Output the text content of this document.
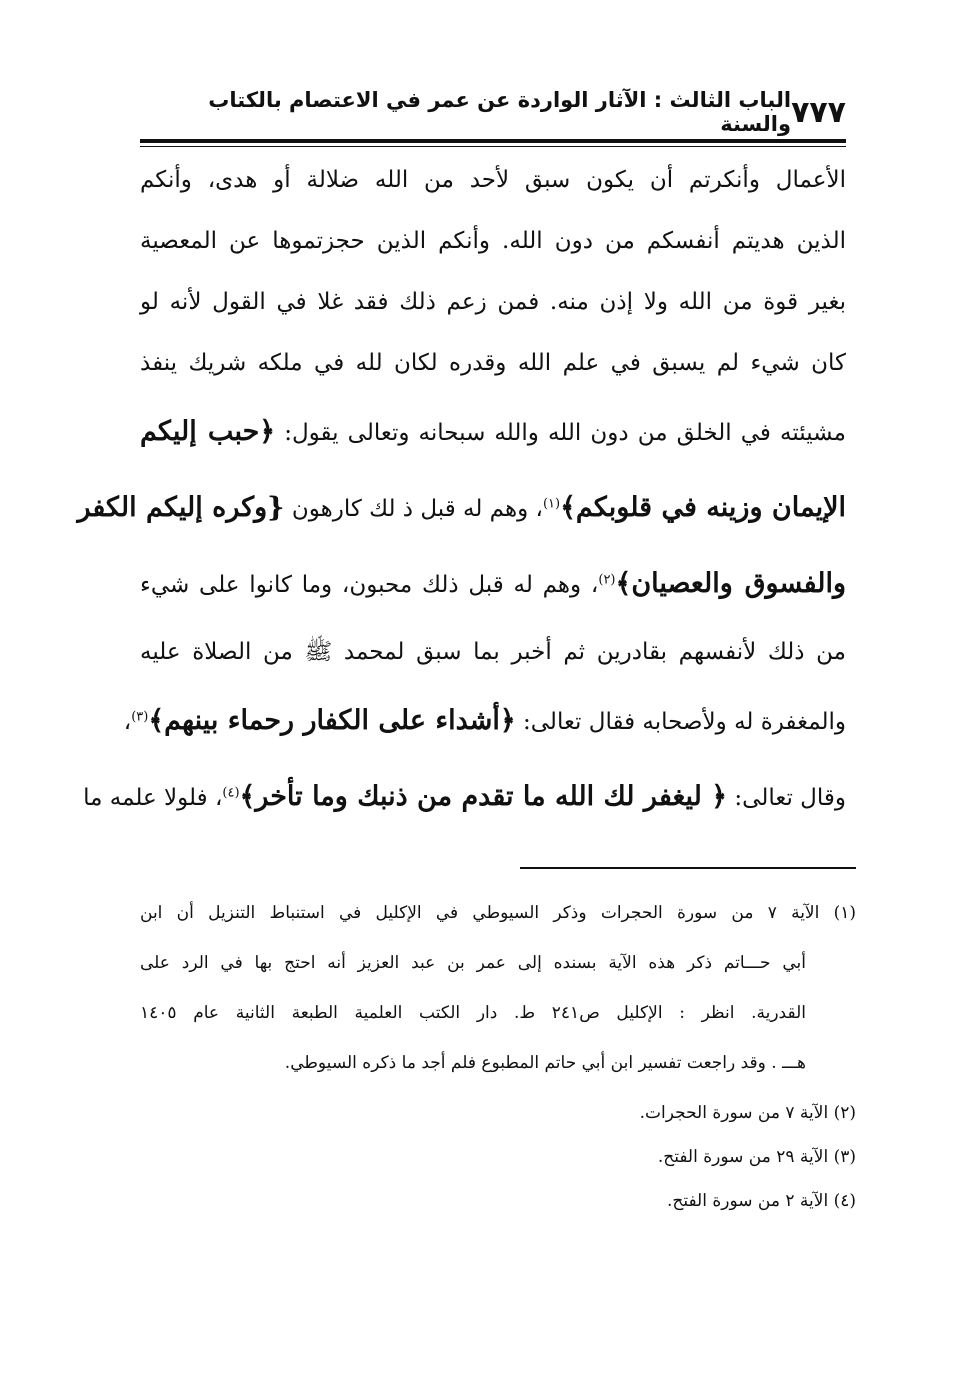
٧٧٧
الباب الثالث : الآثار الواردة عن عمر في الاعتصام بالكتاب والسنة
الأعمال وأنكرتم أن يكون سبق لأحد من الله ضلالة أو هدى، وأنكم
الذين هديتم أنفسكم من دون الله. وأنكم الذين حجزتموها عن المعصية
بغير قوة من الله ولا إذن منه. فمن زعم ذلك فقد غلا في القول لأنه لو
كان شيء لم يسبق في علم الله وقدره لكان لله في ملكه شريك ينفذ
مشيئته في الخلق من دون الله والله سبحانه وتعالى يقول: ﴿حبب إليكم
الإيمان وزينه في قلوبكم﴾$^{(١)}$، وهم له قبل ذ لك كارهون {وكره إليكم الكفر
والفسوق والعصيان﴾$^{(٢)}$، وهم له قبل ذلك محبون، وما كانوا على شيء
من ذلك لأنفسهم بقادرين ثم أخبر بما سبق لمحمد ﷺ من الصلاة عليه
والمغفرة له ولأصحابه فقال تعالى: ﴿أشداء على الكفار رحماء بينهم﴾$^{(٣)}$،
وقال تعالى: ﴿ ليغفر لك الله ما تقدم من ذنبك وما تأخر﴾$^{(٤)}$، فلولا علمه ما
(١) الآية ٧ من سورة الحجرات وذكر السيوطي في الإكليل في استنباط التنزيل أن ابن
أبي حـــاتم ذكر هذه الآية بسنده إلى عمر بن عبد العزيز أنه احتج بها في الرد على
القدرية. انظر : الإكليل ص٢٤١ ط. دار الكتب العلمية الطبعة الثانية عام ١٤٠٥
هـــ . وقد راجعت تفسير ابن أبي حاتم المطبوع فلم أجد ما ذكره السيوطي.
(٢) الآية ٧ من سورة الحجرات.
(٣) الآية ٢٩ من سورة الفتح.
(٤) الآية ٢ من سورة الفتح.
